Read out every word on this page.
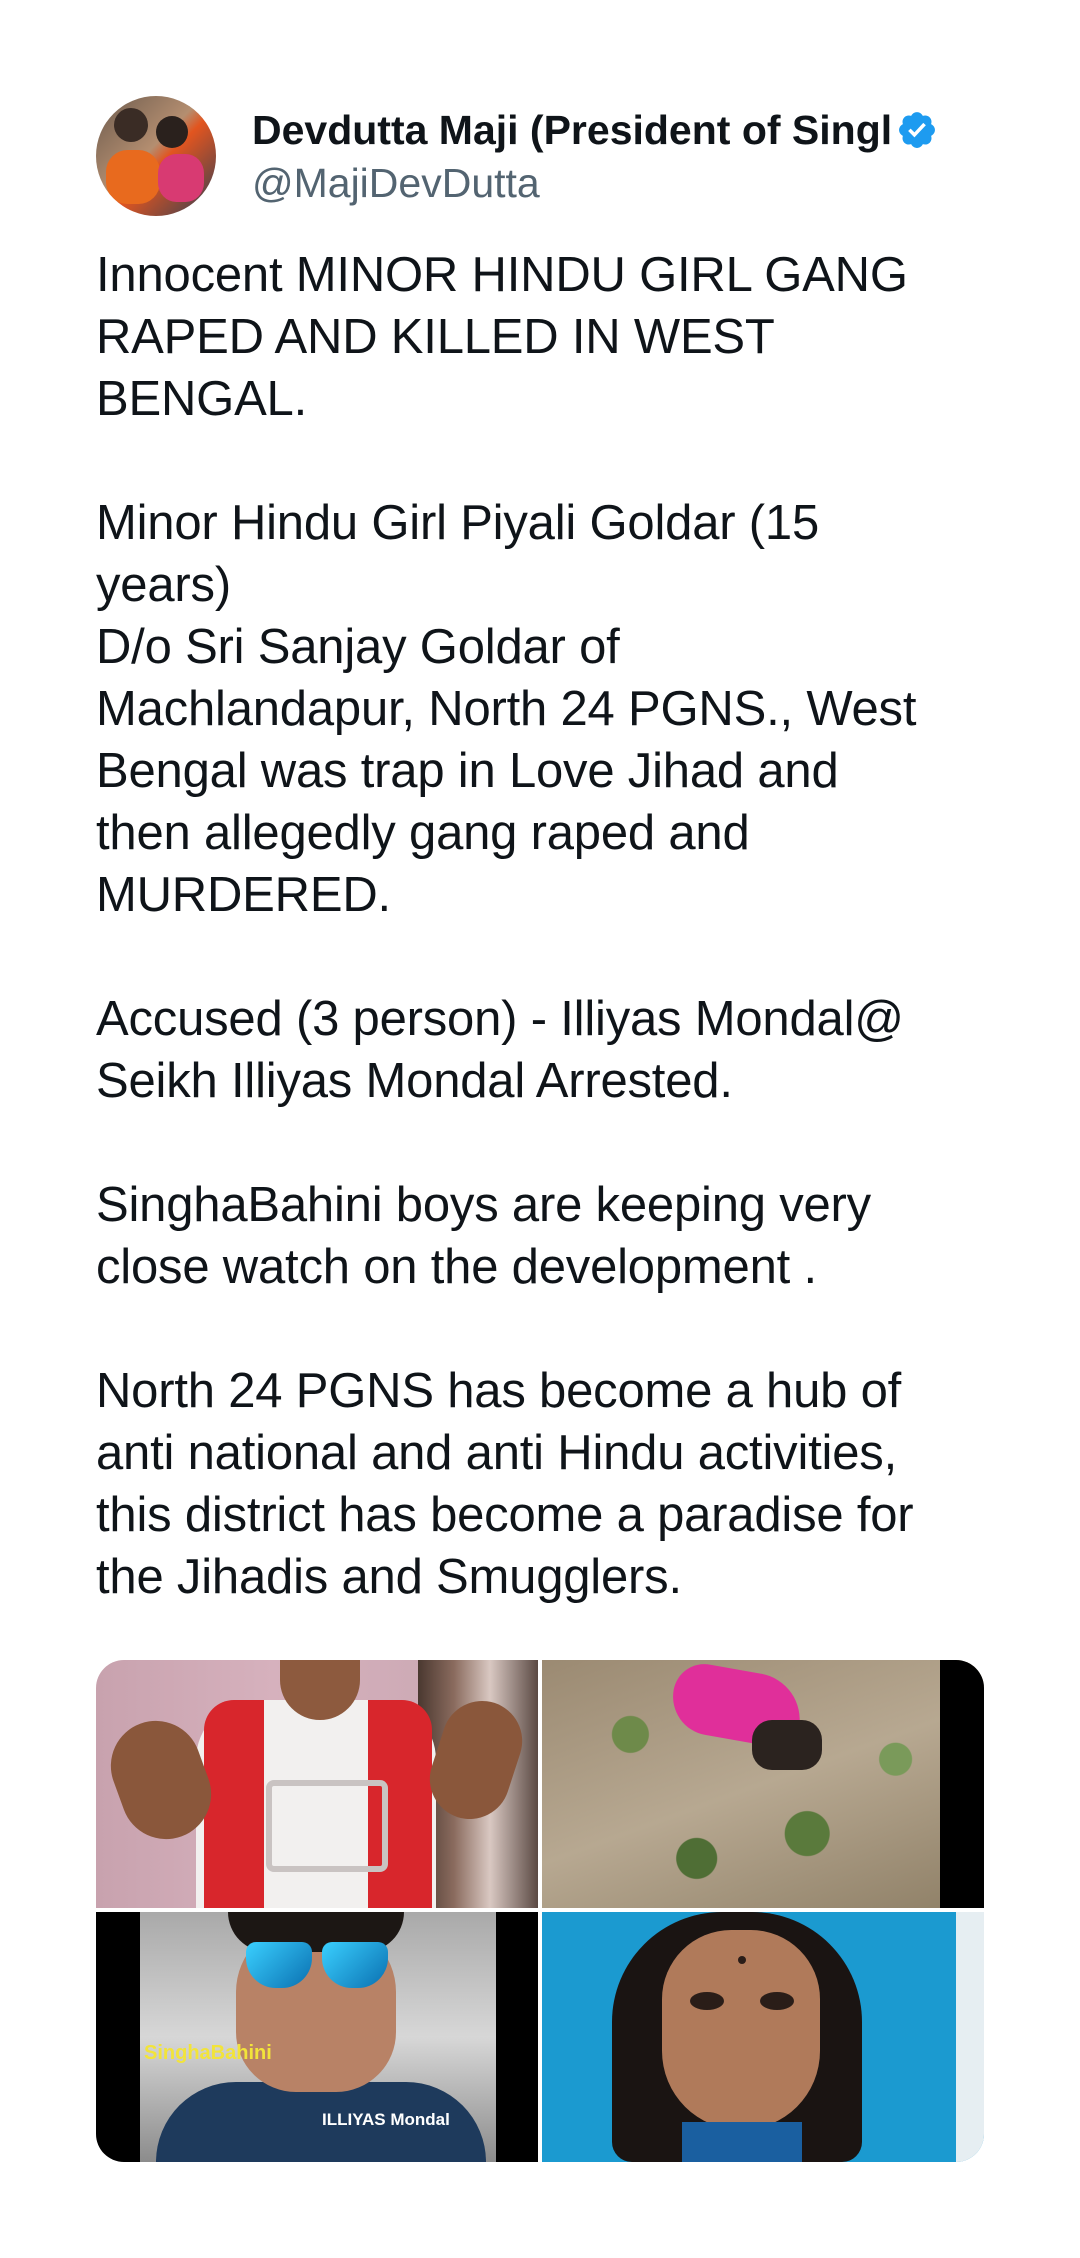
Devdutta Maji (President of Singl
@MajiDevDutta
Innocent MINOR HINDU GIRL GANG
RAPED AND KILLED IN WEST
BENGAL.

Minor Hindu Girl Piyali Goldar (15
years)
D/o Sri Sanjay Goldar of
Machlandapur, North 24 PGNS., West
Bengal was trap in Love Jihad and
then allegedly gang raped and
MURDERED.

Accused (3 person) - Illiyas Mondal@
Seikh Illiyas Mondal Arrested.

SinghaBahini boys are keeping very
close watch on the development .

North 24 PGNS has become a hub of
anti national and anti Hindu activities,
this district has become a paradise for
the Jihadis and Smugglers.
SinghaBahini
ILLIYAS Mondal
